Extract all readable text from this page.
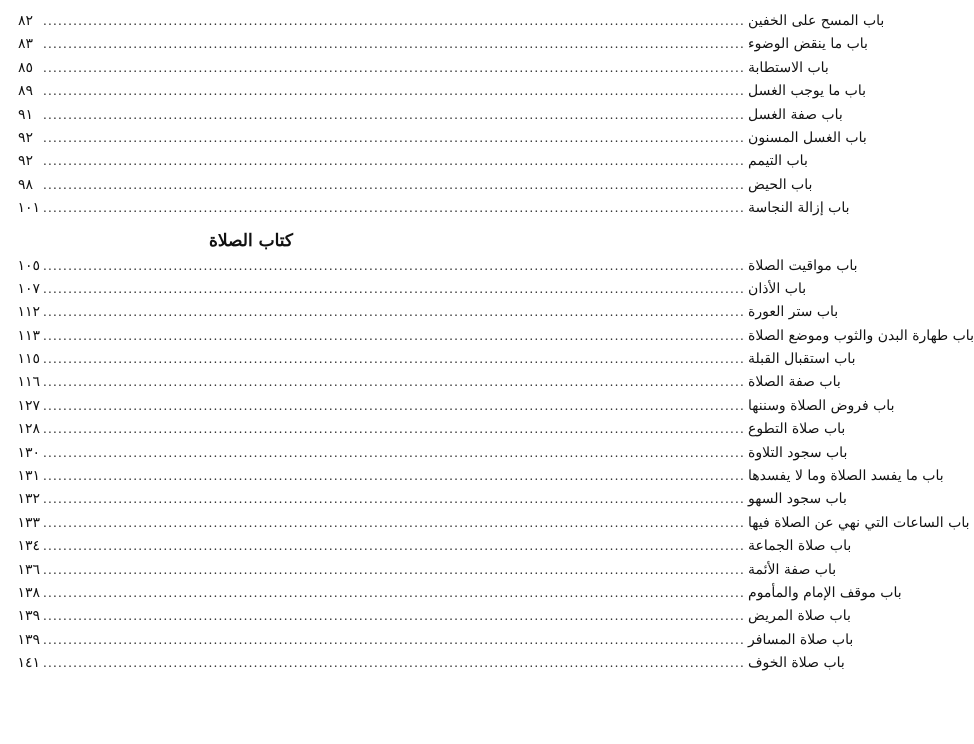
باب المسح على الخفين
............................................................................................................................................
٨٢
باب ما ينقض الوضوء
............................................................................................................................................
٨٣
باب الاستطابة
............................................................................................................................................
٨٥
باب ما يوجب الغسل
............................................................................................................................................
٨٩
باب صفة الغسل
............................................................................................................................................
٩١
باب الغسل المسنون
............................................................................................................................................
٩٢
باب التيمم
............................................................................................................................................
٩٢
باب الحيض
............................................................................................................................................
٩٨
باب إزالة النجاسة
............................................................................................................................................
١٠١
كتاب الصلاة
باب مواقيت الصلاة
............................................................................................................................................
١٠٥
باب الأذان
............................................................................................................................................
١٠٧
باب ستر العورة
............................................................................................................................................
١١٢
باب طهارة البدن والثوب وموضع الصلاة
............................................................................................................................................
١١٣
باب استقبال القبلة
............................................................................................................................................
١١٥
باب صفة الصلاة
............................................................................................................................................
١١٦
باب فروض الصلاة وسننها
............................................................................................................................................
١٢٧
باب صلاة التطوع
............................................................................................................................................
١٢٨
باب سجود التلاوة
............................................................................................................................................
١٣٠
باب ما يفسد الصلاة وما لا يفسدها
............................................................................................................................................
١٣١
باب سجود السهو
............................................................................................................................................
١٣٢
باب الساعات التي نهي عن الصلاة فيها
............................................................................................................................................
١٣٣
باب صلاة الجماعة
............................................................................................................................................
١٣٤
باب صفة الأئمة
............................................................................................................................................
١٣٦
باب موقف الإمام والمأموم
............................................................................................................................................
١٣٨
باب صلاة المريض
............................................................................................................................................
١٣٩
باب صلاة المسافر
............................................................................................................................................
١٣٩
باب صلاة الخوف
............................................................................................................................................
١٤١
